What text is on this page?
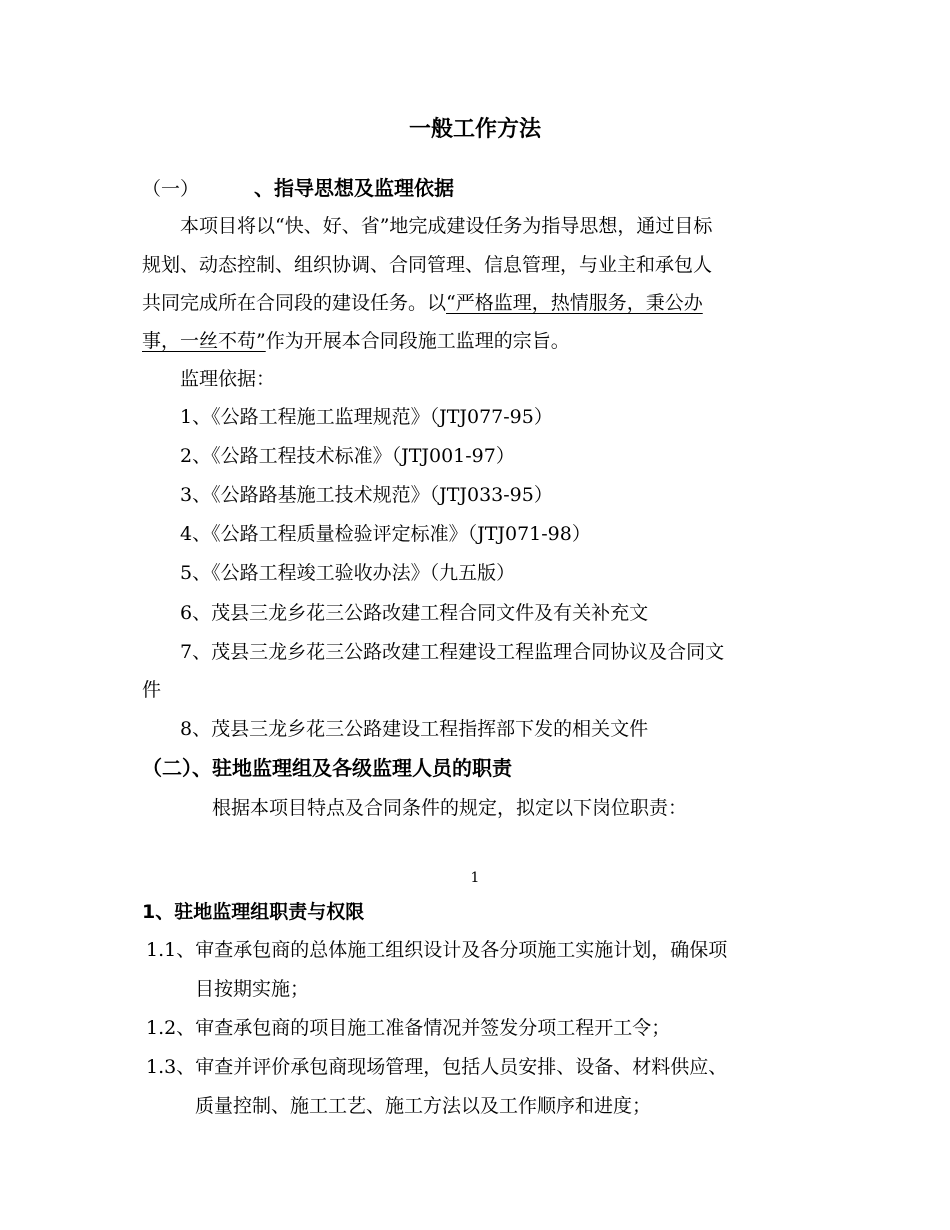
一般工作方法
（一）	、指导思想及监理依据
本项目将以“快、好、省”地完成建设任务为指导思想，通过目标
规划、动态控制、组织协调、合同管理、信息管理，与业主和承包人
共同完成所在合同段的建设任务。以“严格监理，热情服务，秉公办
事，一丝不苟”作为开展本合同段施工监理的宗旨。
监理依据：
1、《公路工程施工监理规范》（JTJ077-95）
2、《公路工程技术标准》（JTJ001-97）
3、《公路路基施工技术规范》（JTJ033-95）
4、《公路工程质量检验评定标准》（JTJ071-98）
5、《公路工程竣工验收办法》（九五版）
6、茂县三龙乡花三公路改建工程合同文件及有关补充文
7、茂县三龙乡花三公路改建工程建设工程监理合同协议及合同文
件
8、茂县三龙乡花三公路建设工程指挥部下发的相关文件
（二）、驻地监理组及各级监理人员的职责
根据本项目特点及合同条件的规定，拟定以下岗位职责：
1
1、驻地监理组职责与权限
1.1、审查承包商的总体施工组织设计及各分项施工实施计划，确保项
目按期实施；
1.2、审查承包商的项目施工准备情况并签发分项工程开工令；
1.3、审查并评价承包商现场管理，包括人员安排、设备、材料供应、
质量控制、施工工艺、施工方法以及工作顺序和进度；
